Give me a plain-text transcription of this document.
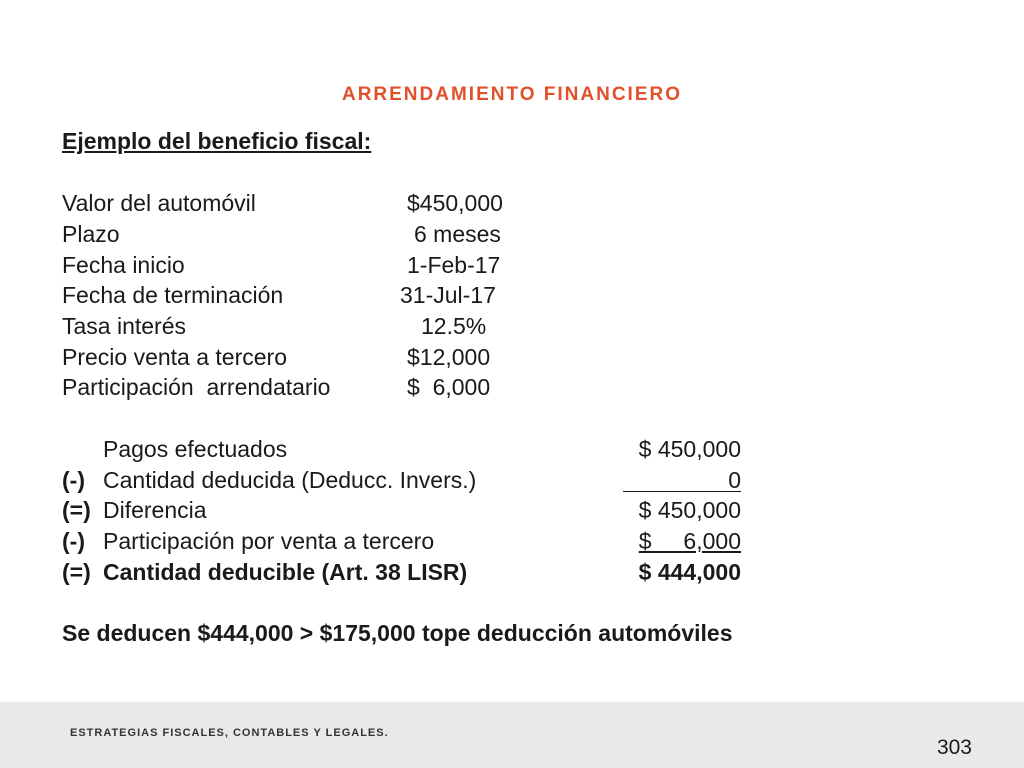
ARRENDAMIENTO FINANCIERO
Ejemplo del beneficio fiscal:
Valor del automóvil	$450,000
Plazo	6 meses
Fecha inicio	1-Feb-17
Fecha de terminación	31-Jul-17
Tasa interés	12.5%
Precio venta a tercero	$12,000
Participación  arrendatario	$  6,000
Pagos efectuados	$ 450,000
(-) Cantidad deducida (Deducc. Invers.)	0
(=) Diferencia	$ 450,000
(-) Participación por venta a tercero	$     6,000
(=) Cantidad deducible (Art. 38 LISR)	$ 444,000
Se deducen $444,000 > $175,000 tope deducción automóviles
ESTRATEGIAS FISCALES, CONTABLES Y LEGALES.
303
